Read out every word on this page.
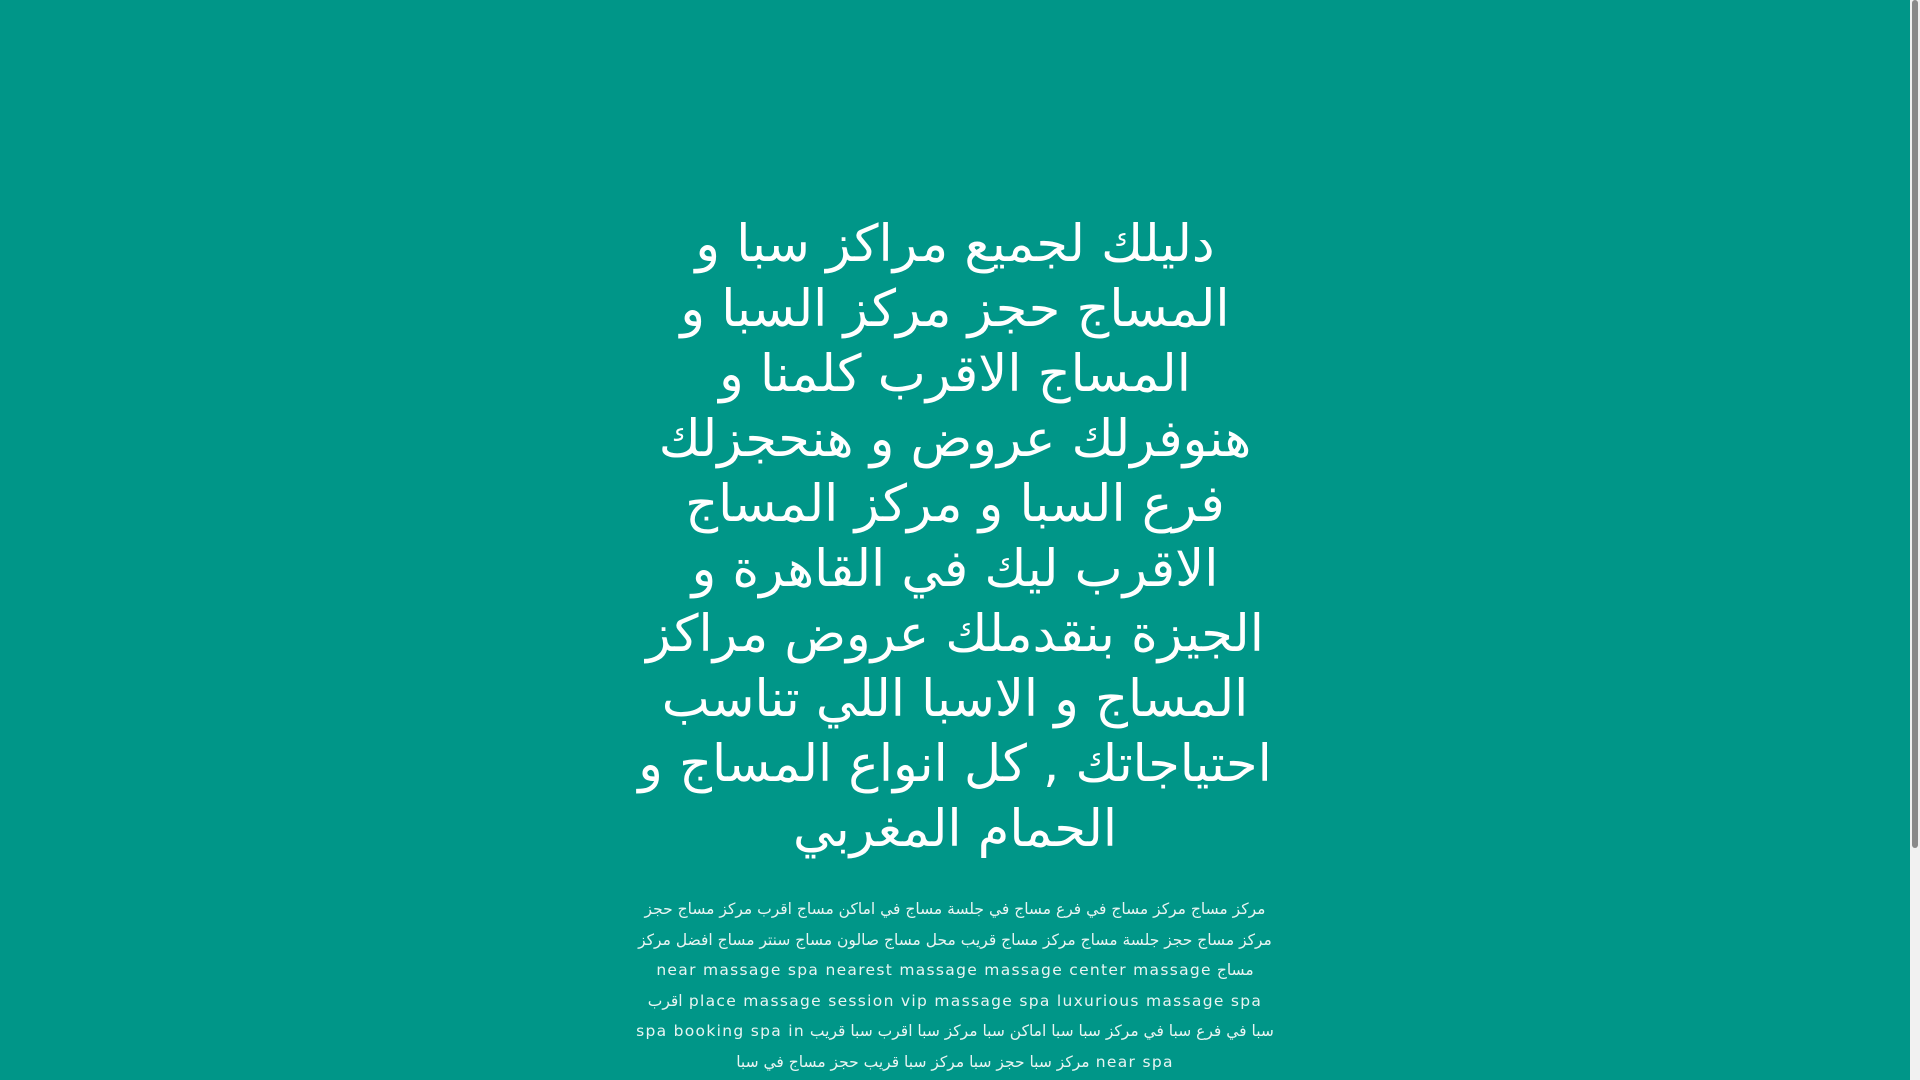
دليلك لجميع مراكز سبا و المساج حجز مركز السبا و المساج الاقرب كلمنا و هنوفرلك عروض و هنحجزلك فرع السبا و مركز المساج الاقرب ليك في القاهرة و الجيزة بنقدملك عروض مراكز المساج و الاسبا اللي تناسب احتياجاتك , كل انواع المساج و الحمام المغربي

مركز مساج مركز مساج في فرع مساج في جلسة مساج في اماكن مساج اقرب مركز مساج حجز مركز مساج حجز جلسة مساج مركز مساج قريب محل مساج صالون مساج سنتر مساج افضل مركز مساج near massage spa nearest massage massage center massage place massage session vip massage spa luxurious massage spa اقرب سبا في فرع سبا في مركز سبا سبا اماكن سبا مركز سبا اقرب سبا قريب spa booking spa in near spa مركز سبا حجز سبا مركز سبا قريب حجز مساج في سبا
